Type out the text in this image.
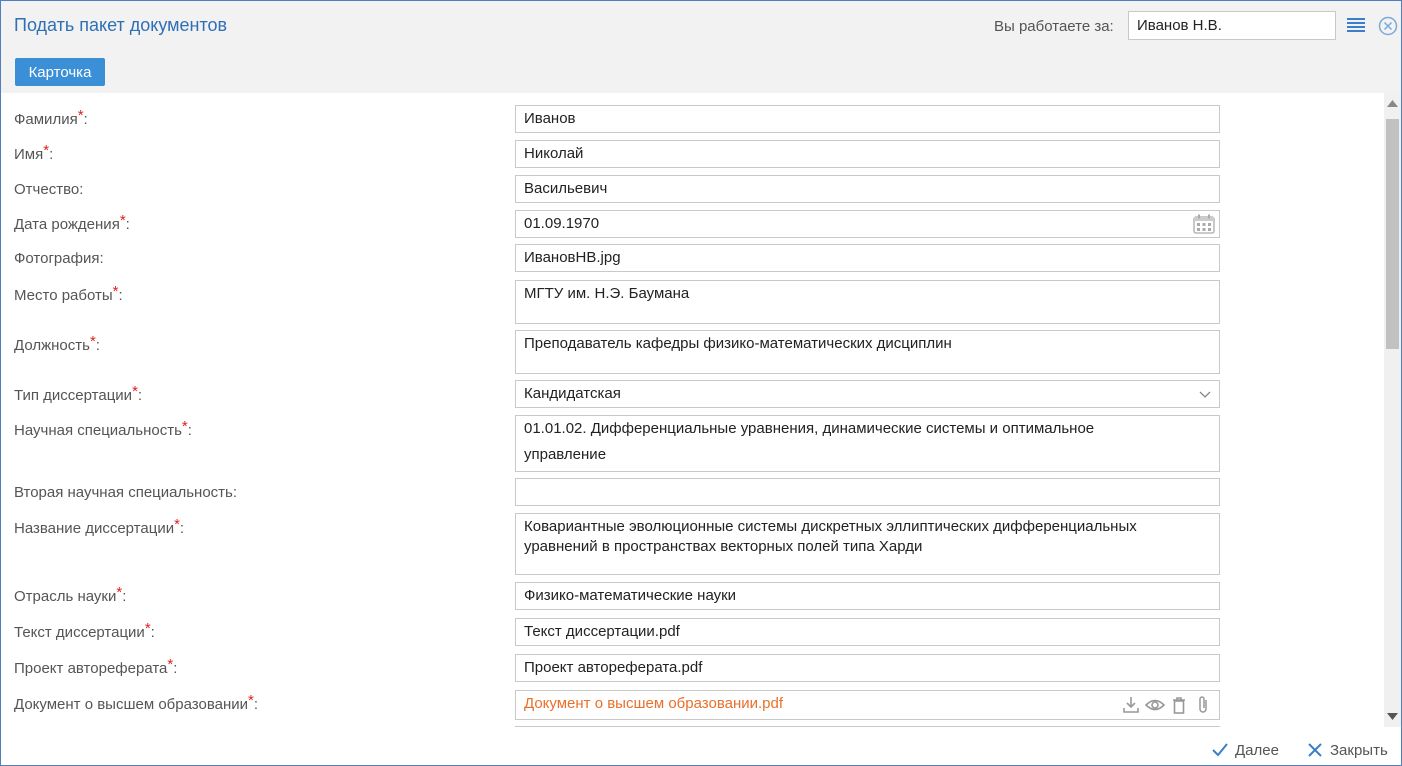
Подать пакет документов	Вы работаете за:	Иванов Н.В.
Карточка
Фамилия*:	Иванов
Имя*:	Николай
Отчество:	Васильевич
Дата рождения*:	01.09.1970
Фотография:	ИвановНВ.jpg
Место работы*:	МГТУ им. Н.Э. Баумана
Должность*:	Преподаватель кафедры физико-математических дисциплин
Тип диссертации*:	Кандидатская
Научная специальность*:	01.01.02. Дифференциальные уравнения, динамические системы и оптимальное управление
Вторая научная специальность:
Название диссертации*:	Ковариантные эволюционные системы дискретных эллиптических дифференциальных уравнений в пространствах векторных полей типа Харди
Отрасль науки*:	Физико-математические науки
Текст диссертации*:	Текст диссертации.pdf
Проект автореферата*:	Проект автореферата.pdf
Документ о высшем образовании*:	Документ о высшем образовании.pdf
Далее	Закрыть
